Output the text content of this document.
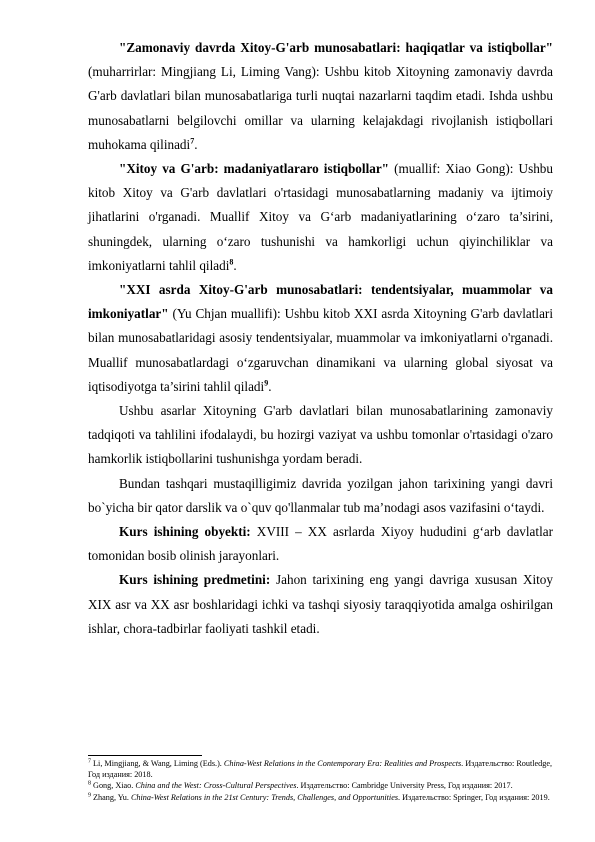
"Zamonaviy davrda Xitoy-G'arb munosabatlari: haqiqatlar va istiqbollar" (muharrirlar: Mingjiang Li, Liming Vang): Ushbu kitob Xitoyning zamonaviy davrda G'arb davlatlari bilan munosabatlariga turli nuqtai nazarlarni taqdim etadi. Ishda ushbu munosabatlarni belgilovchi omillar va ularning kelajakdagi rivojlanish istiqbollari muhokama qilinadi$^7$.

"Xitoy va G'arb: madaniyatlararo istiqbollar" (muallif: Xiao Gong): Ushbu kitob Xitoy va G'arb davlatlari o'rtasidagi munosabatlarning madaniy va ijtimoiy jihatlarini o'rganadi. Muallif Xitoy va G‘arb madaniyatlarining o‘zaro ta’sirini, shuningdek, ularning o‘zaro tushunishi va hamkorligi uchun qiyinchiliklar va imkoniyatlarni tahlil qiladi$^8$.

"XXI asrda Xitoy-G'arb munosabatlari: tendentsiyalar, muammolar va imkoniyatlar" (Yu Chjan muallifi): Ushbu kitob XXI asrda Xitoyning G'arb davlatlari bilan munosabatlaridagi asosiy tendentsiyalar, muammolar va imkoniyatlarni o'rganadi. Muallif munosabatlardagi o‘zgaruvchan dinamikani va ularning global siyosat va iqtisodiyotga ta’sirini tahlil qiladi$^9$.

Ushbu asarlar Xitoyning G'arb davlatlari bilan munosabatlarining zamonaviy tadqiqoti va tahlilini ifodalaydi, bu hozirgi vaziyat va ushbu tomonlar o'rtasidagi o'zaro hamkorlik istiqbollarini tushunishga yordam beradi.

Bundan tashqari mustaqilligimiz davrida yozilgan jahon tarixining yangi davri bo`yicha bir qator darslik va o`quv qo'llanmalar tub ma’nodagi asos vazifasini o‘taydi.

Kurs ishining obyekti: XVIII – XX asrlarda Xiyoy hududini g‘arb davlatlar tomonidan bosib olinish jarayonlari.

Kurs ishining predmetini: Jahon tarixining eng yangi davriga xususan Xitoy XIX asr va XX asr boshlaridagi ichki va tashqi siyosiy taraqqiyotida amalga oshirilgan ishlar, chora-tadbirlar faoliyati tashkil etadi.

$^7$ Li, Mingjiang, & Wang, Liming (Eds.). China-West Relations in the Contemporary Era: Realities and Prospects. Издательство: Routledge, Год издания: 2018.

$^8$ Gong, Xiao. China and the West: Cross-Cultural Perspectives. Издательство: Cambridge University Press, Год издания: 2017.

$^9$ Zhang, Yu. China-West Relations in the 21st Century: Trends, Challenges, and Opportunities. Издательство: Springer, Год издания: 2019.
